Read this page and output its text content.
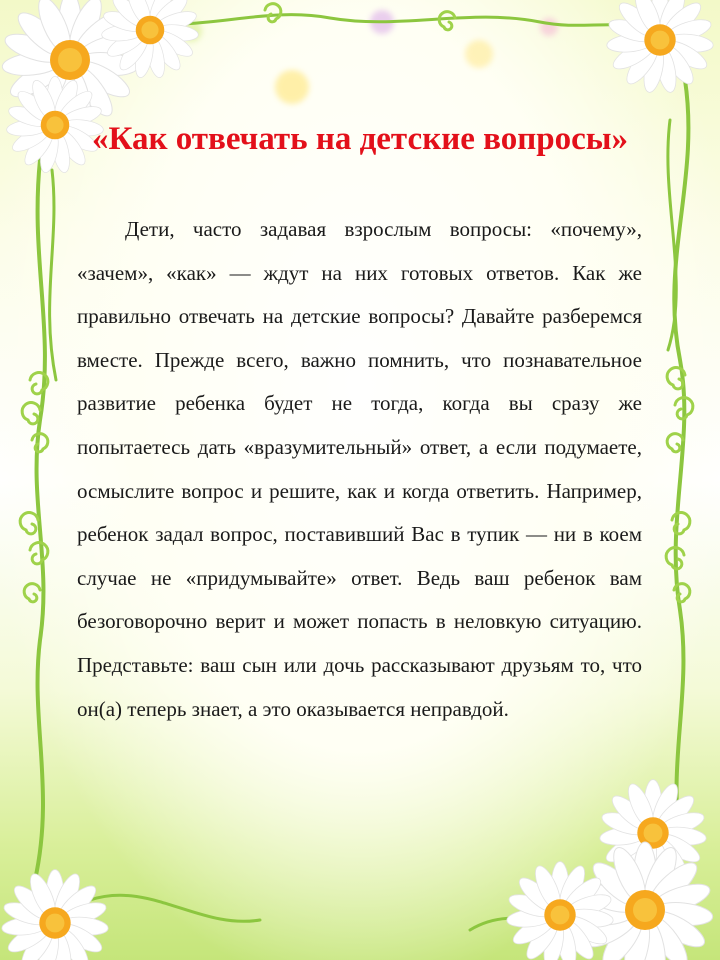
«Как отвечать на детские вопросы»

Дети, часто задавая взрослым вопросы: «почему», «зачем», «как» — ждут на них готовых ответов. Как же правильно отвечать на детские вопросы? Давайте разберемся вместе. Прежде всего, важно помнить, что познавательное развитие ребенка будет не тогда, когда вы сразу же попытаетесь дать «вразумительный» ответ, а если подумаете, осмыслите вопрос и решите, как и когда ответить. Например, ребенок задал вопрос, поставивший Вас в тупик — ни в коем случае не «придумывайте» ответ. Ведь ваш ребенок вам безоговорочно верит и может попасть в неловкую ситуацию. Представьте: ваш сын или дочь рассказывают друзьям то, что он(а) теперь знает, а это оказывается неправдой.
